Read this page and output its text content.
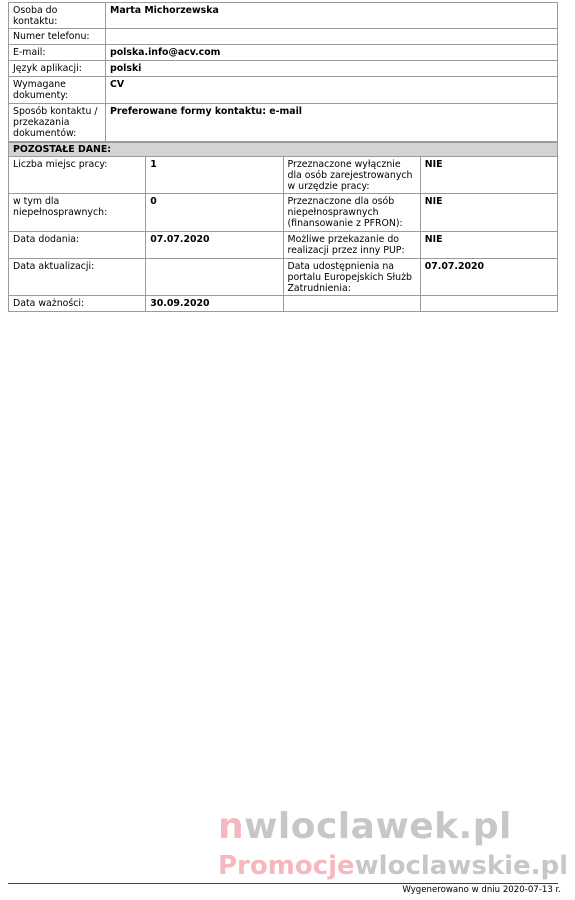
Osoba do kontaktu:	Marta Michorzewska
Numer telefonu:	
E-mail:	polska.info@acv.com
Język aplikacji:	polski
Wymagane dokumenty:	CV
Sposób kontaktu / przekazania dokumentów:	Preferowane formy kontaktu: e-mail
POZOSTAŁE DANE:			
Liczba miejsc pracy:	1	Przeznaczone wyłącznie dla osób zarejestrowanych w urzędzie pracy:	NIE
w tym dla niepełnosprawnych:	0	Przeznaczone dla osób niepełnosprawnych (finansowanie z PFRON):	NIE
Data dodania:	07.07.2020	Możliwe przekazanie do realizacji przez inny PUP:	NIE
Data aktualizacji:		Data udostępnienia na portalu Europejskich Służb Zatrudnienia:	07.07.2020
Data ważności:	30.09.2020		
nwloclawek.pl
Promocjewloclawskie.pl
Wygenerowano w dniu 2020-07-13 r.
